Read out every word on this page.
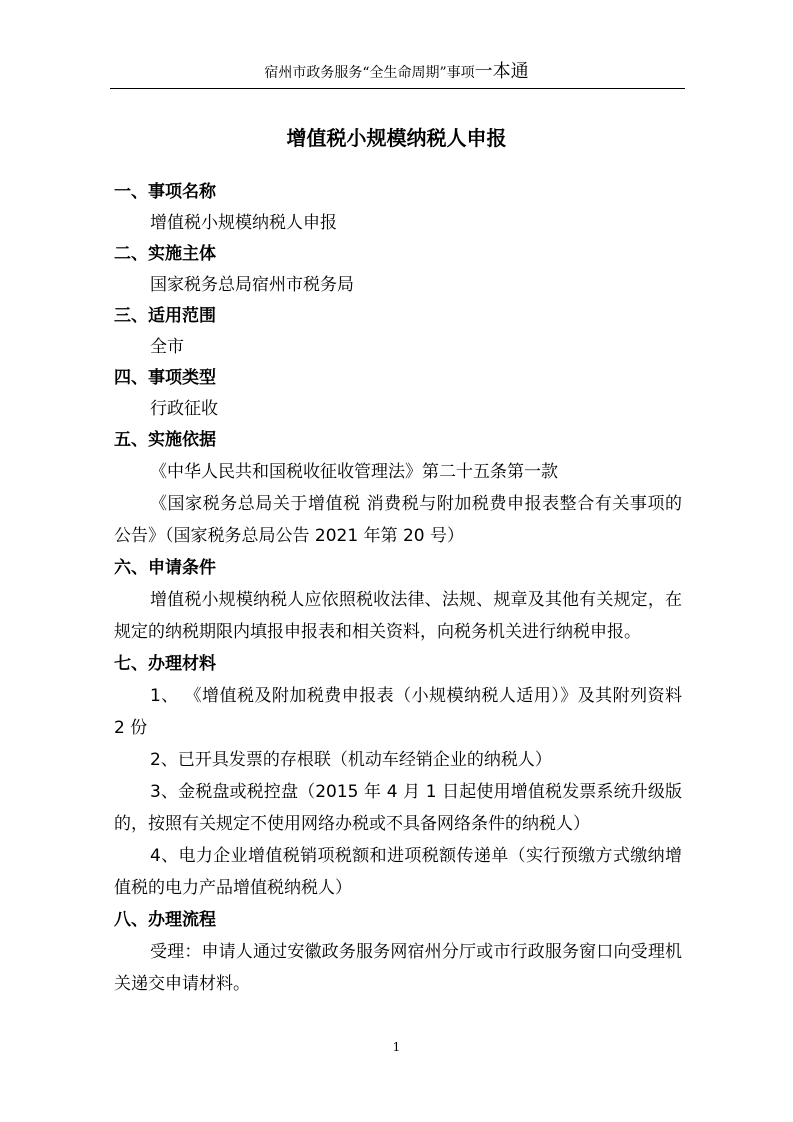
宿州市政务服务“全生命周期”事项一本通
增值税小规模纳税人申报

一、事项名称

增值税小规模纳税人申报

二、实施主体

国家税务总局宿州市税务局

三、适用范围

全市

四、事项类型

行政征收

五、实施依据

《中华人民共和国税收征收管理法》第二十五条第一款

《国家税务总局关于增值税 消费税与附加税费申报表整合有关事项的公告》（国家税务总局公告 2021 年第 20 号）

六、申请条件

增值税小规模纳税人应依照税收法律、法规、规章及其他有关规定，在规定的纳税期限内填报申报表和相关资料，向税务机关进行纳税申报。

七、办理材料

1、 《增值税及附加税费申报表（小规模纳税人适用）》及其附列资料 2 份

2、已开具发票的存根联（机动车经销企业的纳税人）

3、金税盘或税控盘（2015 年 4 月 1 日起使用增值税发票系统升级版的，按照有关规定不使用网络办税或不具备网络条件的纳税人）

4、电力企业增值税销项税额和进项税额传递单（实行预缴方式缴纳增值税的电力产品增值税纳税人）

八、办理流程

受理：申请人通过安徽政务服务网宿州分厅或市行政服务窗口向受理机关递交申请材料。

1
